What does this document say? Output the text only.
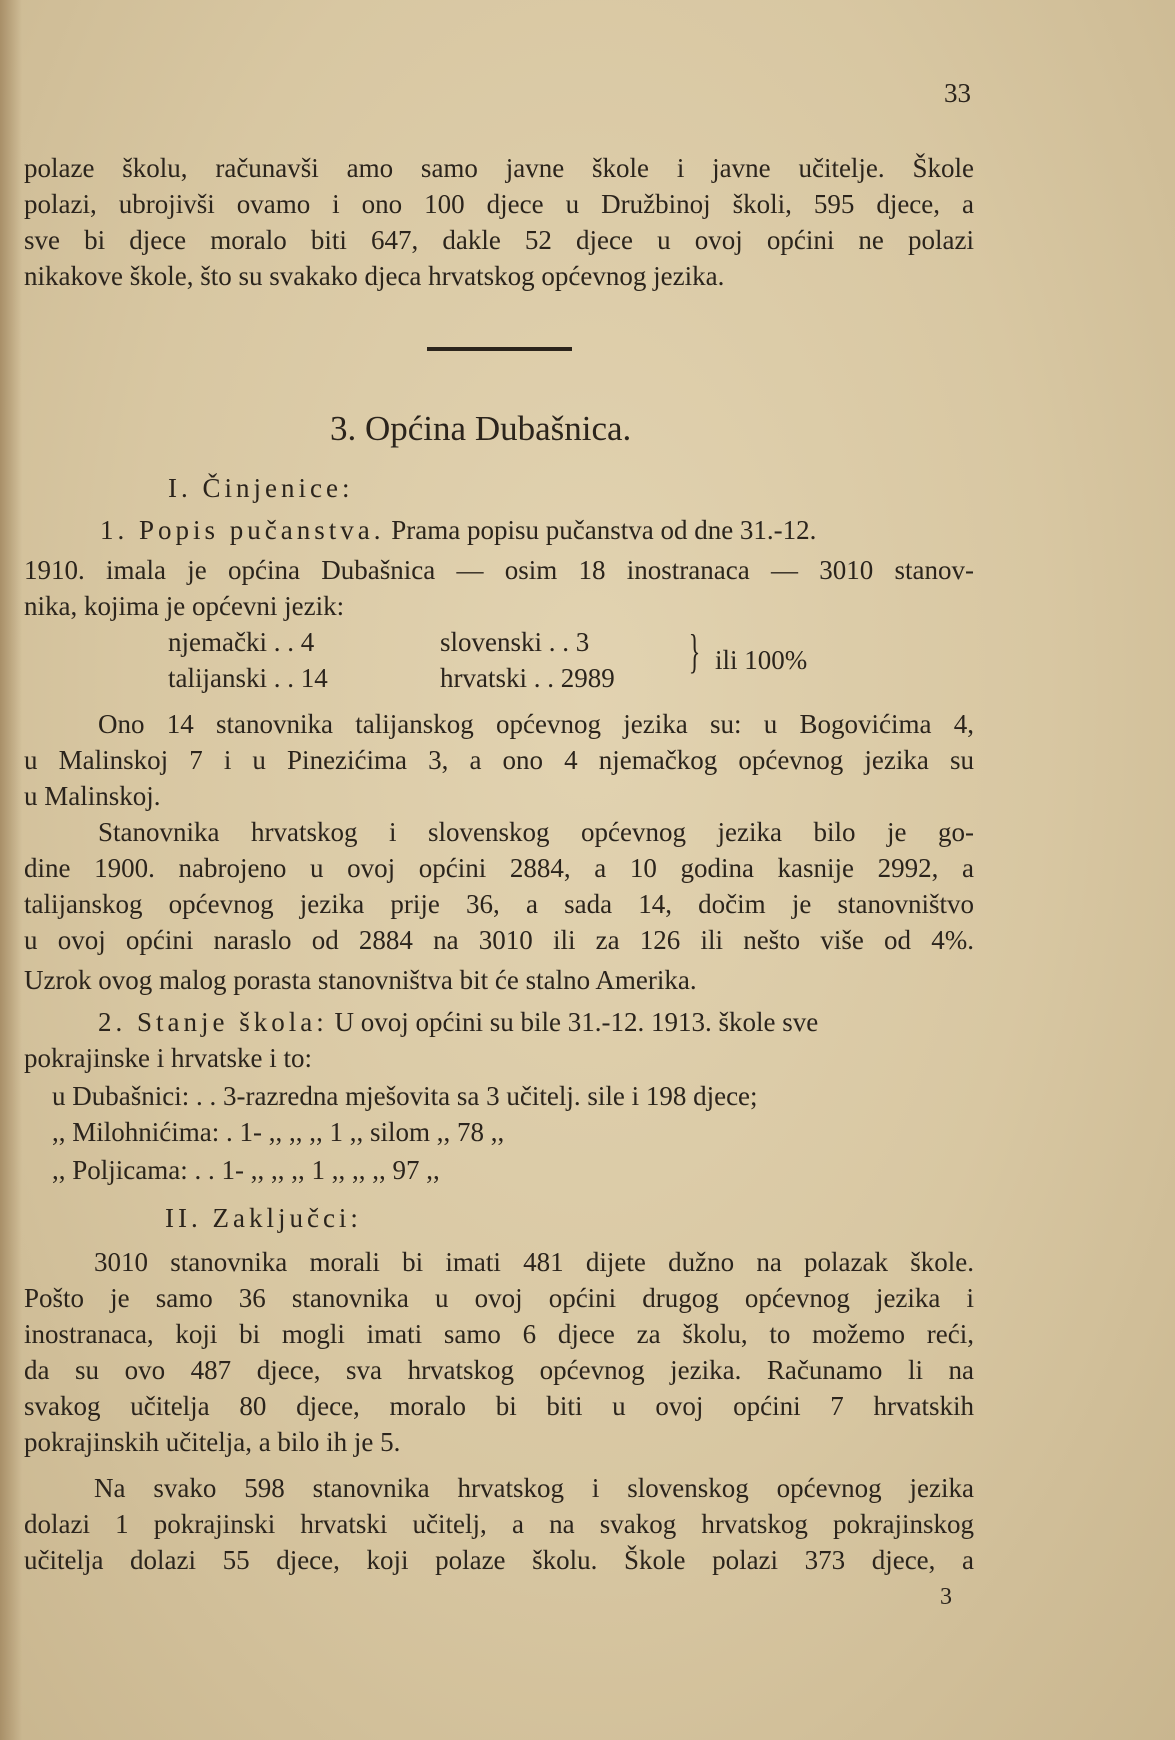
33
polaze školu, računavši amo samo javne škole i javne učitelje. Škole
polazi, ubrojivši ovamo i ono 100 djece u Družbinoj školi, 595 djece, a
sve bi djece moralo biti 647, dakle 52 djece u ovoj općini ne polazi
nikakove škole, što su svakako djeca hrvatskog općevnog jezika.
3. Općina Dubašnica.
I. Činjenice:
1. Popis pučanstva. Prama popisu pučanstva od dne 31.-12.
1910. imala je općina Dubašnica — osim 18 inostranaca — 3010 stanov-
nika, kojima je općevni jezik:
njemački . . 4	slovenski . . 3
talijanski . . 14	hrvatski . . 2989 } ili 100%
Ono 14 stanovnika talijanskog općevnog jezika su: u Bogovićima 4,
u Malinskoj 7 i u Pinezićima 3, a ono 4 njemačkog općevnog jezika su
u Malinskoj.
Stanovnika hrvatskog i slovenskog općevnog jezika bilo je go-
dine 1900. nabrojeno u ovoj općini 2884, a 10 godina kasnije 2992, a
talijanskog općevnog jezika prije 36, a sada 14, dočim je stanovništvo
u ovoj općini naraslo od 2884 na 3010 ili za 126 ili nešto više od 4%.
Uzrok ovog malog porasta stanovništva bit će stalno Amerika.
2. Stanje škola: U ovoj općini su bile 31.-12. 1913. škole sve
pokrajinske i hrvatske i to:
u Dubašnici: . . 3-razredna mješovita sa 3 učitelj. sile i 198 djece;
,, Milohnićima: . 1- ,, ,, ,, 1 ,, silom ,, 78 ,,
,, Poljicama: . . 1- ,, ,, ,, 1 ,, ,, ,, 97 ,,
II. Zaključci:
3010 stanovnika morali bi imati 481 dijete dužno na polazak škole.
Pošto je samo 36 stanovnika u ovoj općini drugog općevnog jezika i
inostranaca, koji bi mogli imati samo 6 djece za školu, to možemo reći,
da su ovo 487 djece, sva hrvatskog općevnog jezika. Računamo li na
svakog učitelja 80 djece, moralo bi biti u ovoj općini 7 hrvatskih
pokrajinskih učitelja, a bilo ih je 5.
Na svako 598 stanovnika hrvatskog i slovenskog općevnog jezika
dolazi 1 pokrajinski hrvatski učitelj, a na svakog hrvatskog pokrajinskog
učitelja dolazi 55 djece, koji polaze školu. Škole polazi 373 djece, a
3
